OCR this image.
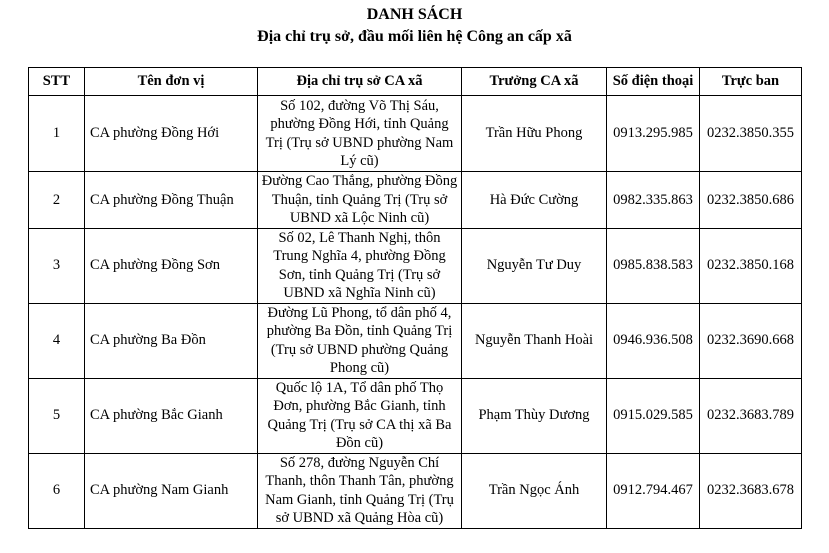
DANH SÁCH
Địa chỉ trụ sở, đầu mối liên hệ Công an cấp xã
STT	Tên đơn vị	Địa chỉ trụ sở CA xã	Trưởng CA xã	Số điện thoại	Trực ban
1	CA phường Đồng Hới	Số 102, đường Võ Thị Sáu, phường Đồng Hới, tỉnh Quảng Trị (Trụ sở UBND phường Nam Lý cũ)	Trần Hữu Phong	0913.295.985	0232.3850.355
2	CA phường Đồng Thuận	Đường Cao Thắng, phường Đồng Thuận, tỉnh Quảng Trị (Trụ sở UBND xã Lộc Ninh cũ)	Hà Đức Cường	0982.335.863	0232.3850.686
3	CA phường Đồng Sơn	Số 02, Lê Thanh Nghị, thôn Trung Nghĩa 4, phường Đồng Sơn, tỉnh Quảng Trị (Trụ sở UBND xã Nghĩa Ninh cũ)	Nguyễn Tư Duy	0985.838.583	0232.3850.168
4	CA phường Ba Đồn	Đường Lũ Phong, tổ dân phố 4, phường Ba Đồn, tỉnh Quảng Trị (Trụ sở UBND phường Quảng Phong cũ)	Nguyễn Thanh Hoài	0946.936.508	0232.3690.668
5	CA phường Bắc Gianh	Quốc lộ 1A, Tổ dân phố Thọ Đơn, phường Bắc Gianh, tỉnh Quảng Trị (Trụ sở CA thị xã Ba Đồn cũ)	Phạm Thùy Dương	0915.029.585	0232.3683.789
6	CA phường Nam Gianh	Số 278, đường Nguyễn Chí Thanh, thôn Thanh Tân, phường Nam Gianh, tỉnh Quảng Trị (Trụ sở UBND xã Quảng Hòa cũ)	Trần Ngọc Ánh	0912.794.467	0232.3683.678
